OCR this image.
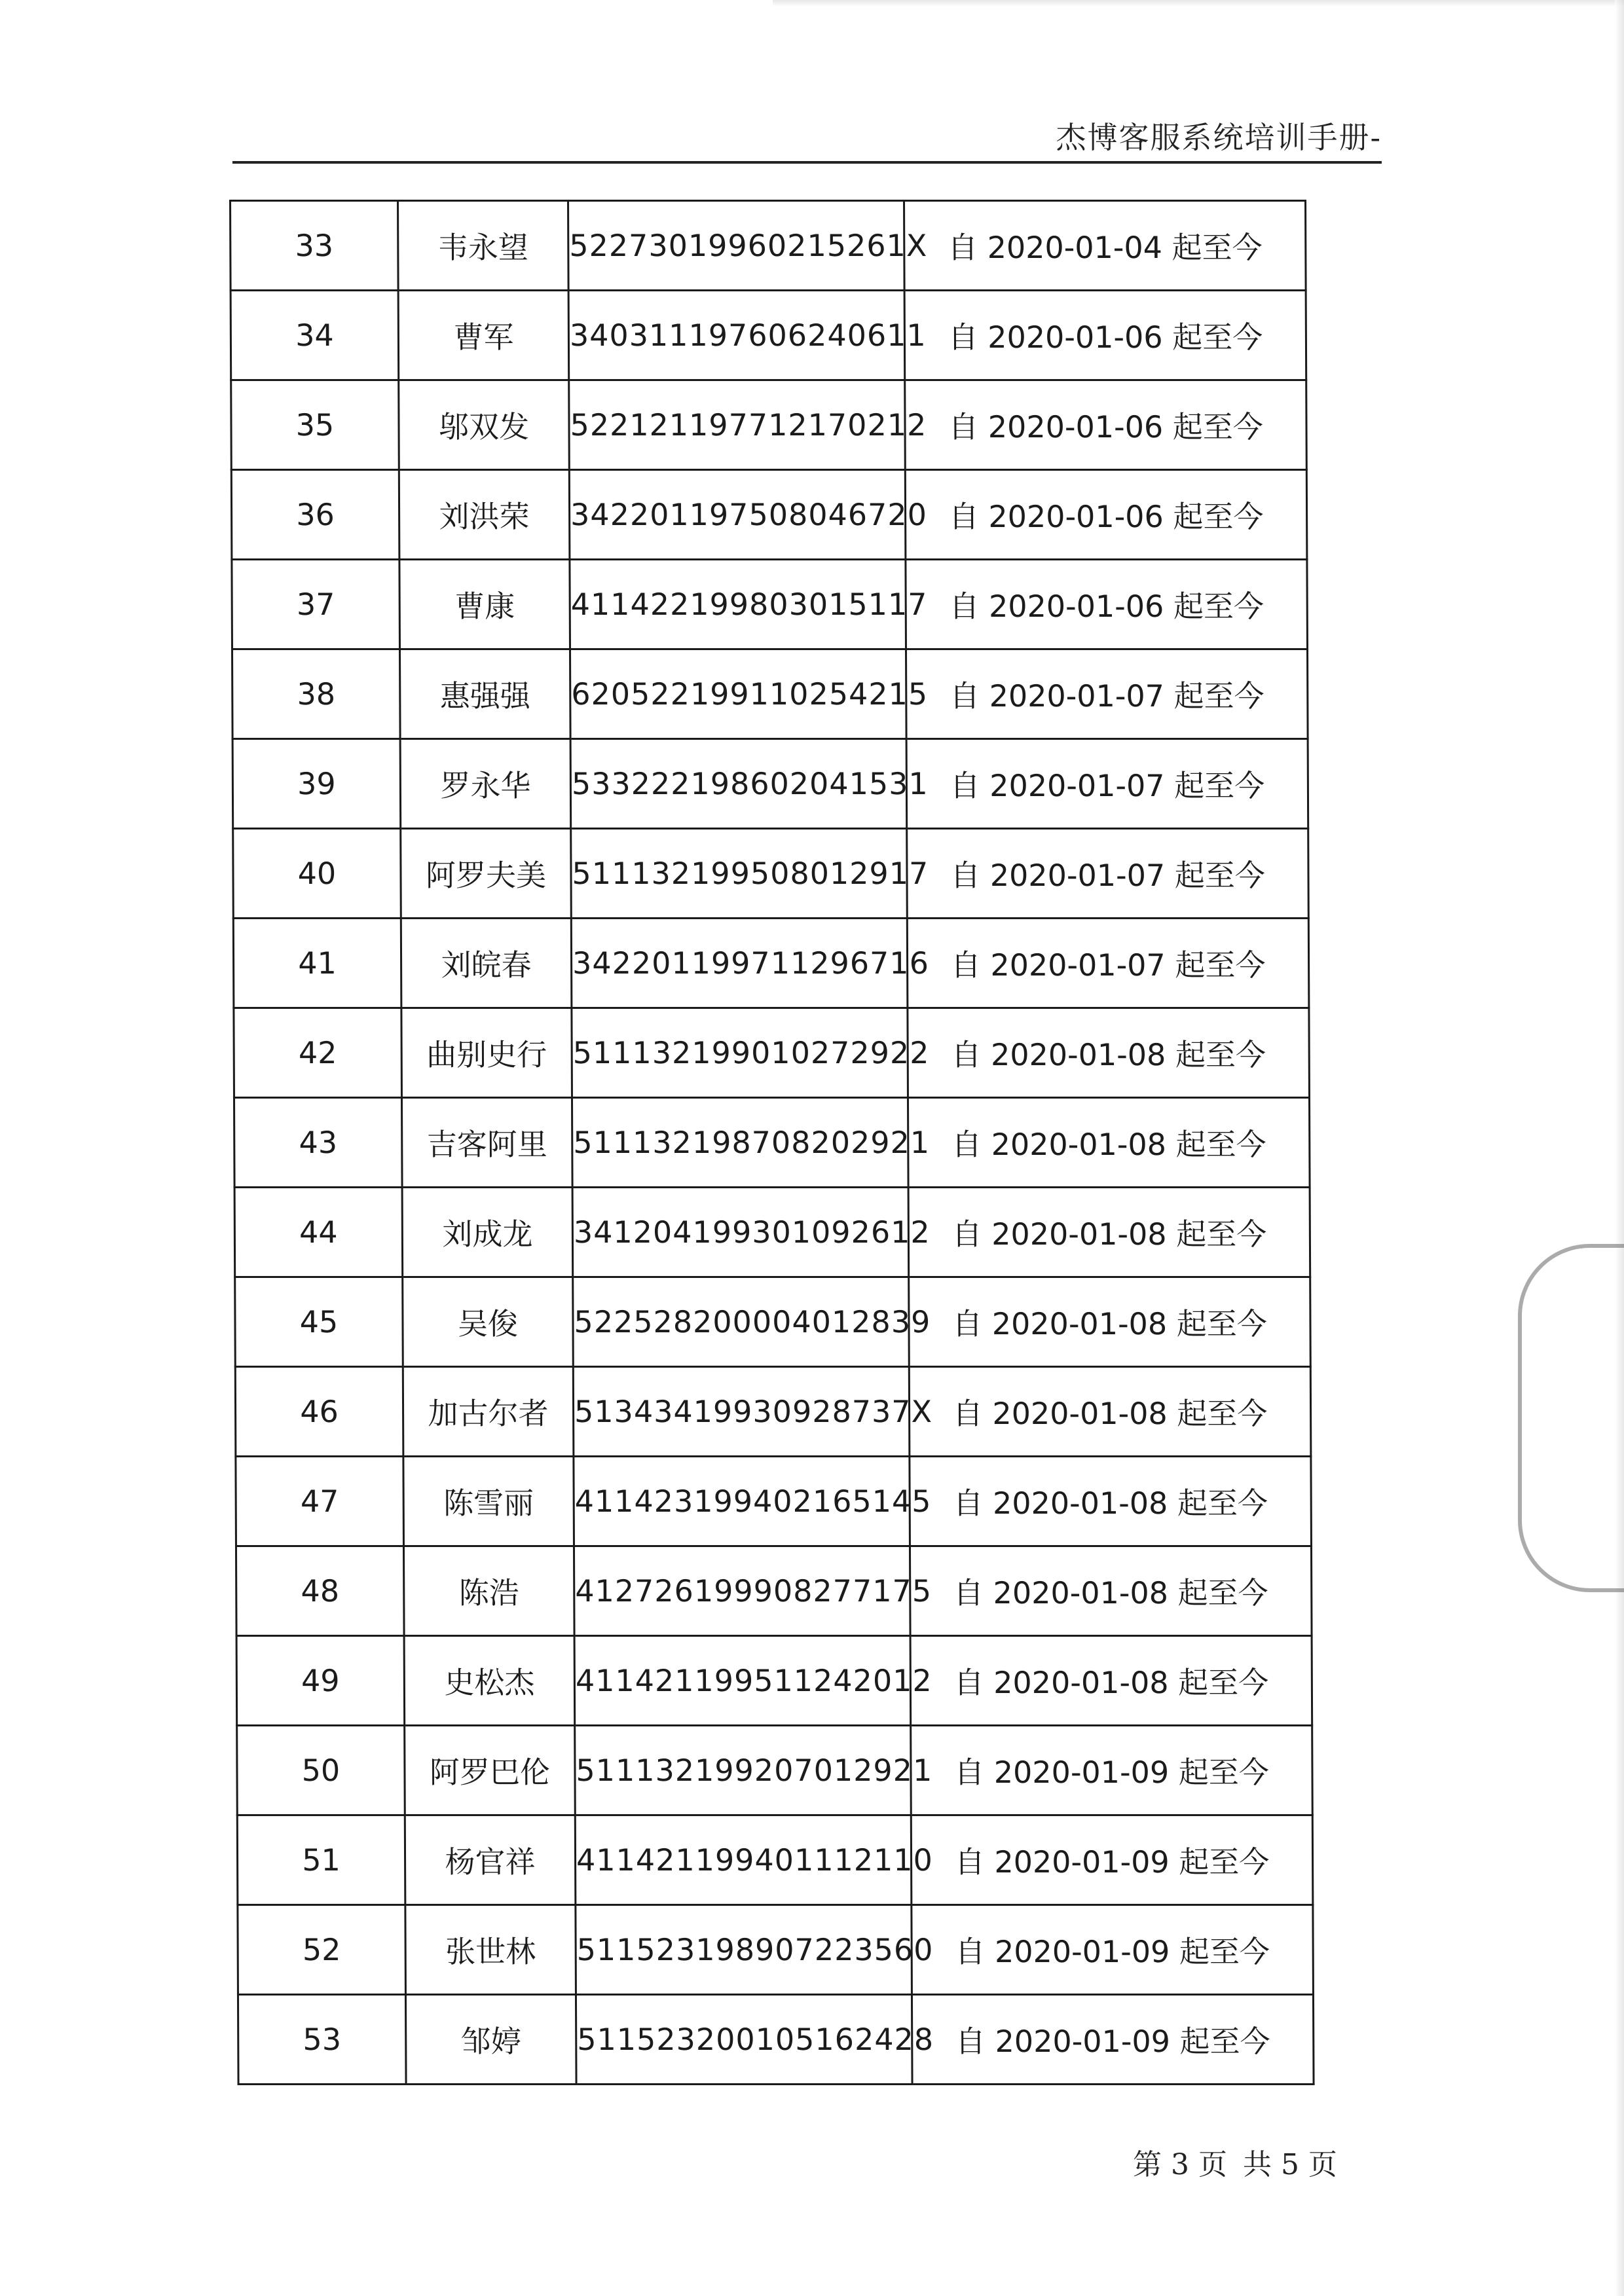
杰博客服系统培训手册-
33	韦永望	52273019960215261X	自 2020-01-04 起至今
34	曹军	340311197606240611	自 2020-01-06 起至今
35	邬双发	522121197712170212	自 2020-01-06 起至今
36	刘洪荣	342201197508046720	自 2020-01-06 起至今
37	曹康	411422199803015117	自 2020-01-06 起至今
38	惠强强	620522199110254215	自 2020-01-07 起至今
39	罗永华	533222198602041531	自 2020-01-07 起至今
40	阿罗夫美	511132199508012917	自 2020-01-07 起至今
41	刘皖春	342201199711296716	自 2020-01-07 起至今
42	曲别史行	511132199010272922	自 2020-01-08 起至今
43	吉客阿里	511132198708202921	自 2020-01-08 起至今
44	刘成龙	341204199301092612	自 2020-01-08 起至今
45	吴俊	522528200004012839	自 2020-01-08 起至今
46	加古尔者	51343419930928737X	自 2020-01-08 起至今
47	陈雪丽	411423199402165145	自 2020-01-08 起至今
48	陈浩	412726199908277175	自 2020-01-08 起至今
49	史松杰	411421199511242012	自 2020-01-08 起至今
50	阿罗巴伦	511132199207012921	自 2020-01-09 起至今
51	杨官祥	411421199401112110	自 2020-01-09 起至今
52	张世林	511523198907223560	自 2020-01-09 起至今
53	邹婷	511523200105162428	自 2020-01-09 起至今
第 3 页 共 5 页
